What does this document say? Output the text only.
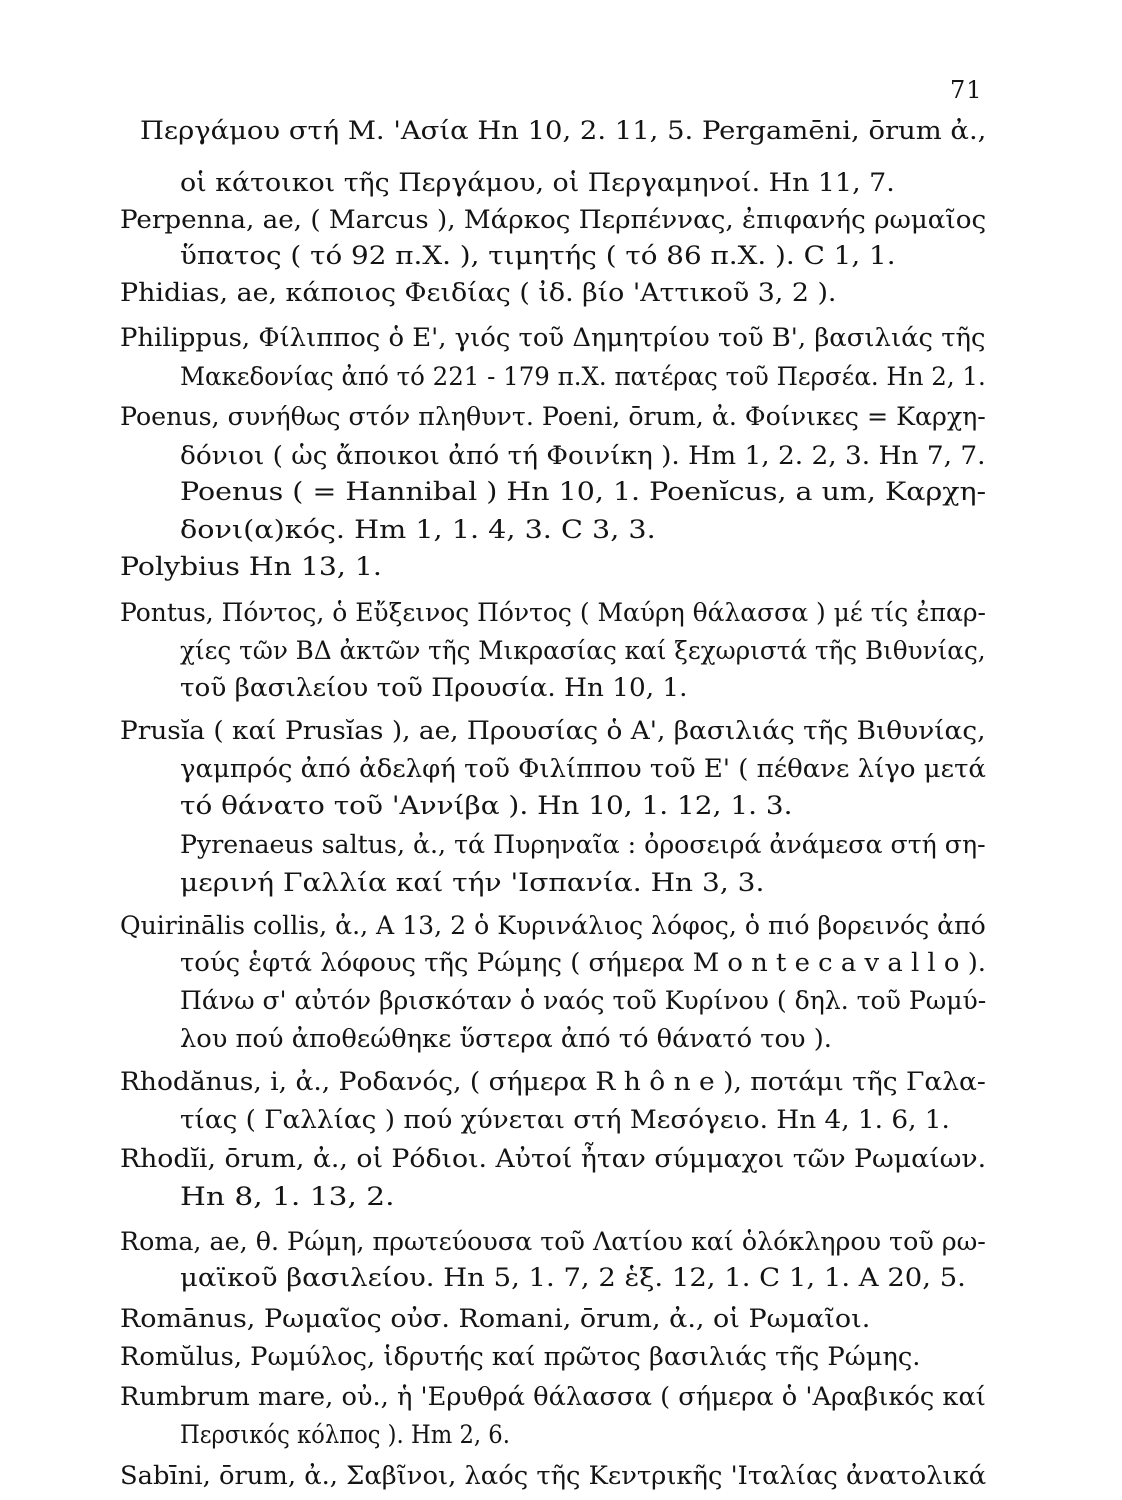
71
Περγάμου στή Μ. 'Ασία Hn 10, 2. 11, 5. Pergamēni, ōrum ἀ.,
οἱ κάτοικοι τῆς Περγάμου, οἱ Περγαμηνοί. Hn 11, 7.
Perpenna, ae, ( Marcus ), Μάρκος Περπέννας, ἐπιφανής ρωμαῖος
ὕπατος ( τό 92 π.Χ. ), τιμητής ( τό 86 π.Χ. ). C 1, 1.
Phidias, ae, κάποιος Φειδίας ( ἰδ. βίο 'Αττικοῦ 3, 2 ).
Philippus, Φίλιππος ὁ Ε', γιός τοῦ Δημητρίου τοῦ Β', βασιλιάς τῆς
Μακεδονίας ἀπό τό 221 - 179 π.Χ. πατέρας τοῦ Περσέα. Hn 2, 1.
Poenus, συνήθως στόν πληθυντ. Poeni, ōrum, ἀ. Φοίνικες = Καρχη-
δόνιοι ( ὡς ἄποικοι ἀπό τή Φοινίκη ). Hm 1, 2. 2, 3. Hn 7, 7.
Poenus ( = Hannibal ) Hn 10, 1. Poenĭcus, a um, Καρχη-
δονι(α)κός. Hm 1, 1. 4, 3. C 3, 3.
Polybius Hn 13, 1.
Pontus, Πόντος, ὁ Εὔξεινος Πόντος ( Μαύρη θάλασσα ) μέ τίς ἐπαρ-
χίες τῶν ΒΔ ἀκτῶν τῆς Μικρασίας καί ξεχωριστά τῆς Βιθυνίας,
τοῦ βασιλείου τοῦ Προυσία. Hn 10, 1.
Prusĭa ( καί Prusĭas ), ae, Προυσίας ὁ Α', βασιλιάς τῆς Βιθυνίας,
γαμπρός ἀπό ἀδελφή τοῦ Φιλίππου τοῦ Ε' ( πέθανε λίγο μετά
τό θάνατο τοῦ 'Αννίβα ). Hn 10, 1. 12, 1. 3.
Pyrenaeus saltus, ἀ., τά Πυρηναῖα : ὀροσειρά ἀνάμεσα στή ση-
μερινή Γαλλία καί τήν 'Ισπανία. Hn 3, 3.
Quirinālis collis, ἀ., A 13, 2 ὁ Κυρινάλιος λόφος, ὁ πιό βορεινός ἀπό
τούς ἑφτά λόφους τῆς Ρώμης ( σήμερα M o n t e c a v a l l o ).
Πάνω σ' αὐτόν βρισκόταν ὁ ναός τοῦ Κυρίνου ( δηλ. τοῦ Ρωμύ-
λου πού ἀποθεώθηκε ὕστερα ἀπό τό θάνατό του ).
Rhodănus, i, ἀ., Ροδανός, ( σήμερα R h ô n e ), ποτάμι τῆς Γαλα-
τίας ( Γαλλίας ) πού χύνεται στή Μεσόγειο. Hn 4, 1. 6, 1.
Rhodĭi, ōrum, ἀ., οἱ Ρόδιοι. Αὐτοί ἦταν σύμμαχοι τῶν Ρωμαίων.
Hn 8, 1. 13, 2.
Roma, ae, θ. Ρώμη, πρωτεύουσα τοῦ Λατίου καί ὁλόκληρου τοῦ ρω-
μαϊκοῦ βασιλείου. Hn 5, 1. 7, 2 ἑξ. 12, 1. C 1, 1. A 20, 5.
Romānus, Ρωμαῖος οὐσ. Romani, ōrum, ἀ., οἱ Ρωμαῖοι.
Romŭlus, Ρωμύλος, ἱδρυτής καί πρῶτος βασιλιάς τῆς Ρώμης.
Rumbrum mare, οὐ., ἡ 'Ερυθρά θάλασσα ( σήμερα ὁ 'Αραβικός καί
Περσικός κόλπος ). Hm 2, 6.
Sabīni, ōrum, ἀ., Σαβῖνοι, λαός τῆς Κεντρικῆς 'Ιταλίας ἀνατολικά
